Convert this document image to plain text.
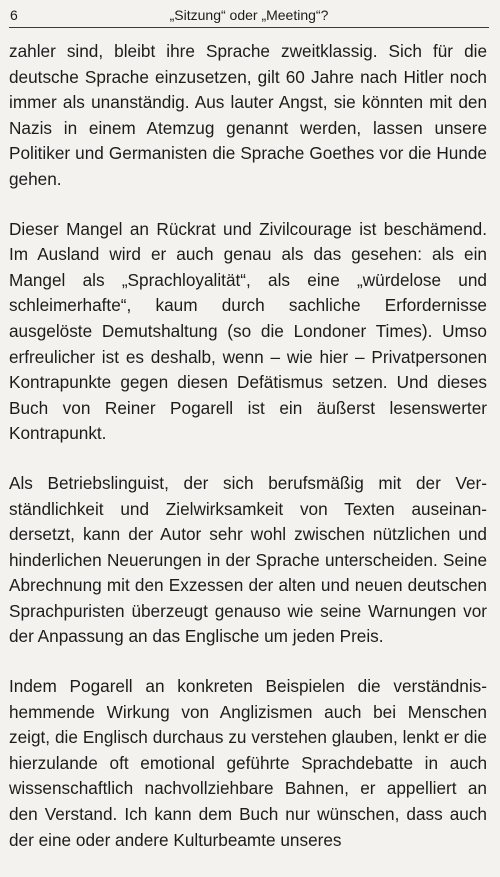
6	„Sitzung“ oder „Meeting“?

zahler sind, bleibt ihre Sprache zweitklassig. Sich für die deutsche Sprache einzusetzen, gilt 60 Jahre nach Hitler noch immer als unanständig. Aus lauter Angst, sie könnten mit den Nazis in einem Atemzug genannt werden, lassen unsere Politiker und Germanisten die Sprache Goethes vor die Hunde gehen.

Dieser Mangel an Rückrat und Zivilcourage ist beschämend. Im Ausland wird er auch genau als das gesehen: als ein Mangel als „Sprachloyalität“, als eine „würdelose und schleimerhafte“, kaum durch sachliche Erfordernisse ausgelöste Demutshaltung (so die Londoner Times). Umso erfreulicher ist es deshalb, wenn – wie hier – Privatpersonen Kontrapunkte gegen diesen Defätismus setzen. Und dieses Buch von Reiner Pogarell ist ein äußerst lesenswerter Kontrapunkt.

Als Betriebslinguist, der sich berufsmäßig mit der Verständlichkeit und Zielwirksamkeit von Texten auseinandersetzt, kann der Autor sehr wohl zwischen nützlichen und hinderlichen Neuerungen in der Sprache unterscheiden. Seine Abrechnung mit den Exzessen der alten und neuen deutschen Sprachpuristen überzeugt genauso wie seine Warnungen vor der Anpassung an das Englische um jeden Preis.

Indem Pogarell an konkreten Beispielen die verständnishemmende Wirkung von Anglizismen auch bei Menschen zeigt, die Englisch durchaus zu verstehen glauben, lenkt er die hierzulande oft emotional geführte Sprachdebatte in auch wissenschaftlich nachvollziehbare Bahnen, er appelliert an den Verstand. Ich kann dem Buch nur wünschen, dass auch der eine oder andere Kulturbeamte unseres
